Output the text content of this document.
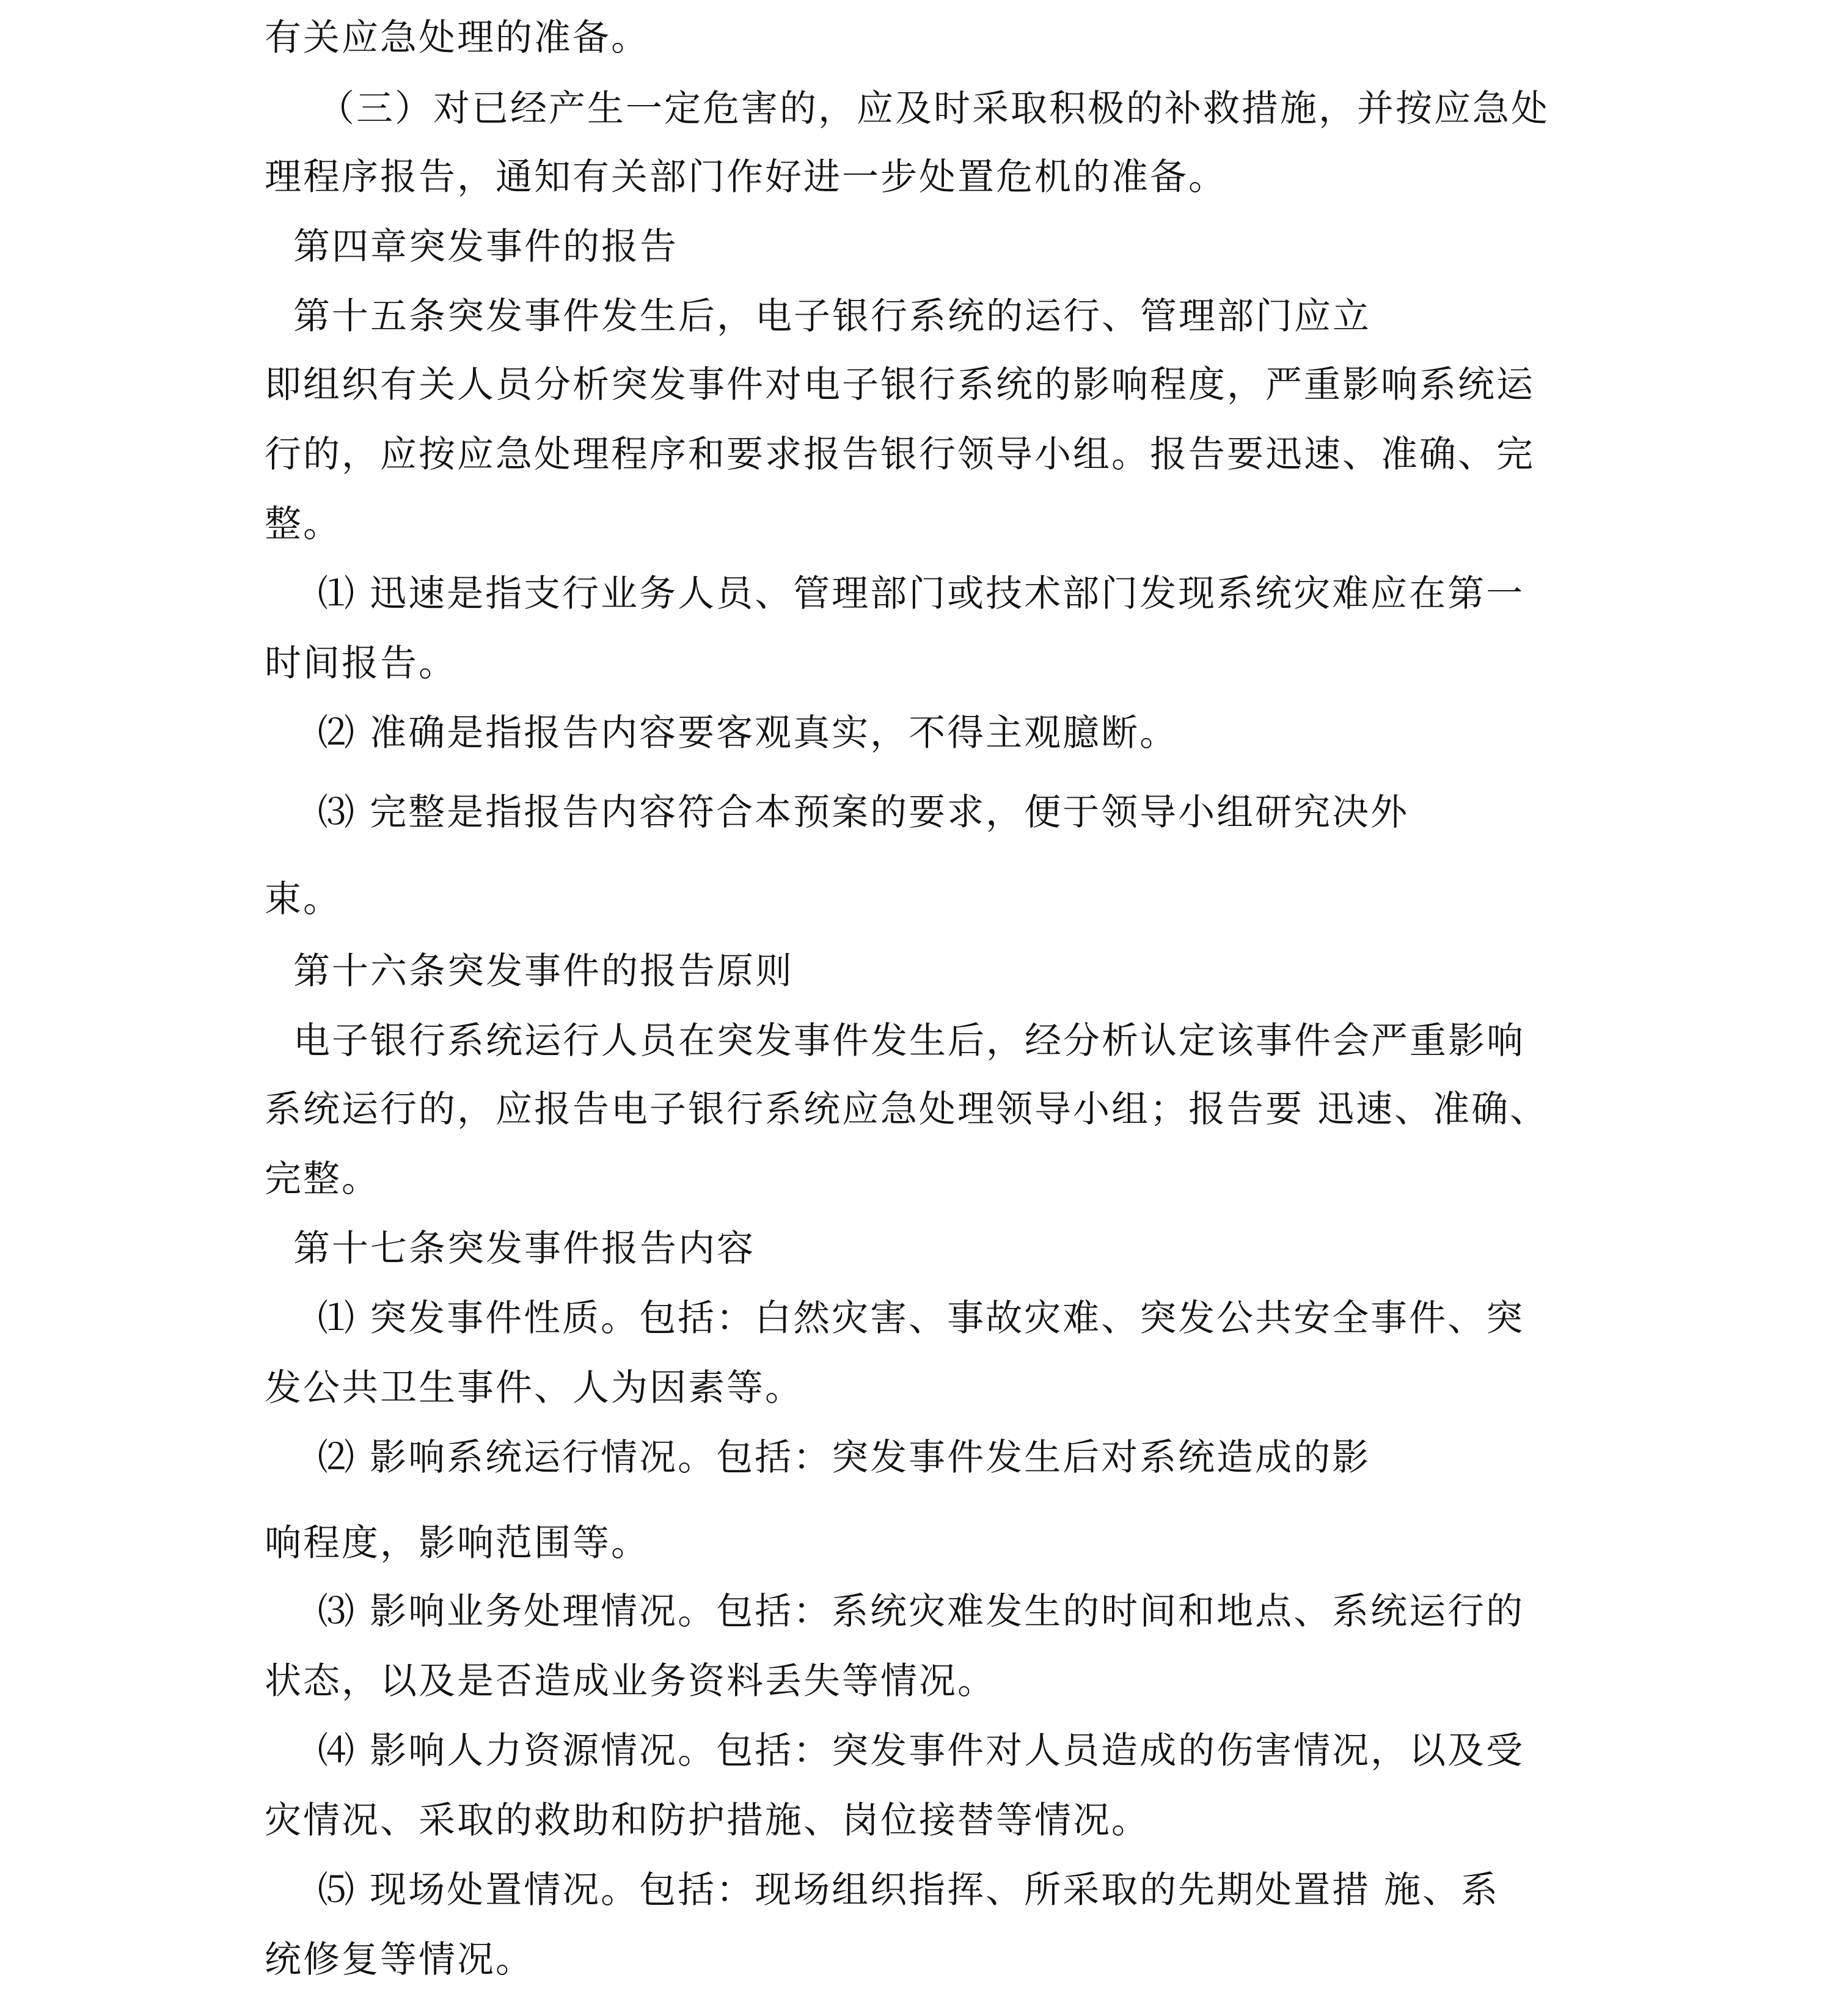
有关应急处理的准备。

（三）对已经产生一定危害的，应及时采取积极的补救措施，并按应急处

理程序报告，通知有关部门作好进一步处置危机的准备。

第四章突发事件的报告

第十五条突发事件发生后，电子银行系统的运行、管理部门应立

即组织有关人员分析突发事件对电子银行系统的影响程度，严重影响系统运

行的，应按应急处理程序和要求报告银行领导小组。报告要迅速、准确、完

整。

⑴ 迅速是指支行业务人员、管理部门或技术部门发现系统灾难应在第一

时间报告。

⑵ 准确是指报告内容要客观真实，不得主观臆断。

⑶ 完整是指报告内容符合本预案的要求，便于领导小组研究决外

束。

第十六条突发事件的报告原则

电子银行系统运行人员在突发事件发生后，经分析认定该事件会严重影响

系统运行的，应报告电子银行系统应急处理领导小组；报告要 迅速、准确、

完整。

第十七条突发事件报告内容

⑴ 突发事件性质。包括：白然灾害、事故灾难、突发公共安全事件、突

发公共卫生事件、人为因素等。

⑵ 影响系统运行情况。包括：突发事件发生后对系统造成的影

响程度，影响范围等。

⑶ 影响业务处理情况。包括：系统灾难发生的时间和地点、系统运行的

状态，以及是否造成业务资料丢失等情况。

⑷ 影响人力资源情况。包括：突发事件对人员造成的伤害情况，以及受

灾情况、采取的救助和防护措施、岗位接替等情况。

⑸ 现场处置情况。包括：现场组织指挥、所采取的先期处置措 施、系

统修复等情况。
